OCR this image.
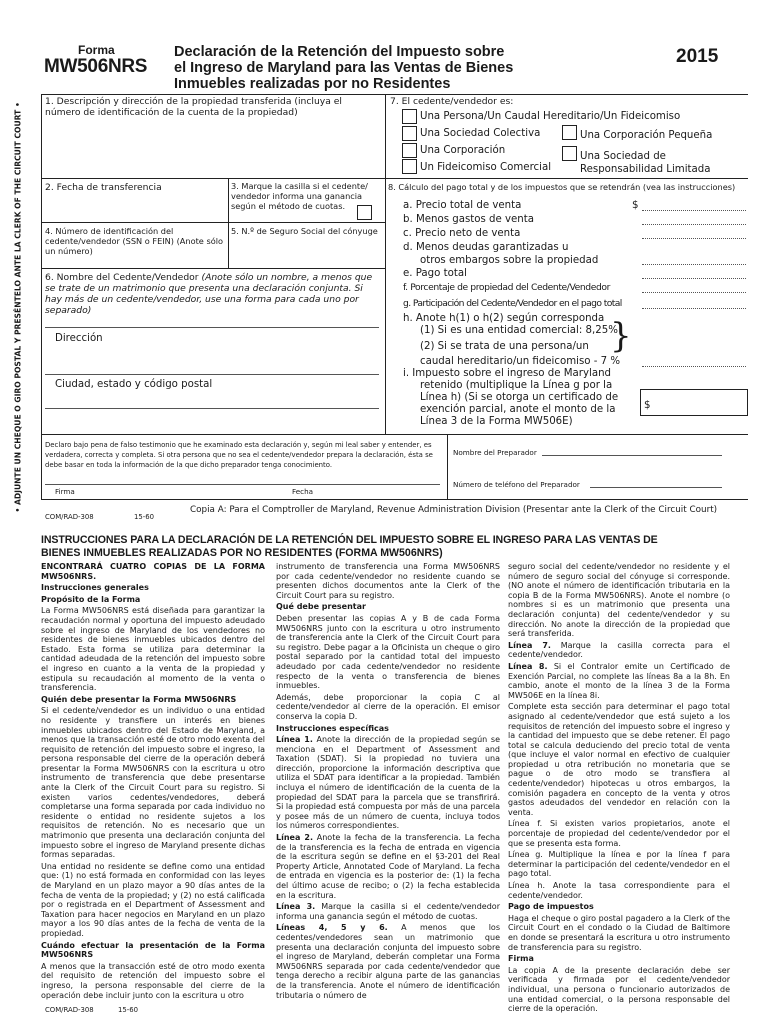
Forma
MW506NRS
Declaración de la Retención del Impuesto sobre
el Ingreso de Maryland para las Ventas de Bienes
Inmuebles realizadas por no Residentes
2015
• ADJUNTE UN CHEQUE O GIRO POSTAL Y PRESÉNTELO ANTE LA CLERK OF THE CIRCUIT COURT •
1. Descripción y dirección de la propiedad transferida (incluya el número de identificación de la cuenta de la propiedad)
2. Fecha de transferencia	3. Marque la casilla si el cedente/ vendedor informa una ganancia según el método de cuotas.
4. Número de identificación del cedente/vendedor (SSN o FEIN) (Anote sólo un número)
5. N.º de Seguro Social del cónyuge
6. Nombre del Cedente/Vendedor (Anote sólo un nombre, a menos que se trate de un matrimonio que presenta una declaración conjunta. Si hay más de un cedente/vendedor, use una forma para cada uno por separado)
Dirección
Ciudad, estado y código postal
7. El cedente/vendedor es:
Una Persona/Un Caudal Hereditario/Un Fideicomiso
Una Sociedad Colectiva	Una Corporación Pequeña
Una Corporación
Una Sociedad de
Responsabilidad Limitada
Un Fideicomiso Comercial
8. Cálculo del pago total y de los impuestos que se retendrán (vea las instrucciones)
a. Precio total de venta	$
b. Menos gastos de venta
c. Precio neto de venta
d. Menos deudas garantizadas u
otros embargos sobre la propiedad
e. Pago total
f. Porcentaje de propiedad del Cedente/Vendedor
g. Participación del Cedente/Vendedor en el pago total
h. Anote h(1) o h(2) según corresponda
(1) Si es una entidad comercial: 8,25%
(2) Si se trata de una persona/un
caudal hereditario/un fideicomiso - 7 %
}
i. Impuesto sobre el ingreso de Maryland
retenido (multiplique la Línea g por la
Línea h) (Si se otorga un certificado de
exención parcial, anote el monto de la
Línea 3 de la Forma MW506E)
$
Declaro bajo pena de falso testimonio que he examinado esta declaración y, según mi leal saber y entender, es verdadera, correcta y completa. Si otra persona que no sea el cedente/vendedor prepara la declaración, ésta se debe basar en toda la información de la que dicho preparador tenga conocimiento.
Nombre del Preparador
Número de teléfono del Preparador
Firma	Fecha
COM/RAD-308	15-60
Copia A: Para el Comptroller de Maryland, Revenue Administration Division (Presentar ante la Clerk of the Circuit Court)
INSTRUCCIONES PARA LA DECLARACIÓN DE LA RETENCIÓN DEL IMPUESTO SOBRE EL INGRESO PARA LAS VENTAS DE
BIENES INMUEBLES REALIZADAS POR NO RESIDENTES (FORMA MW506NRS)

ENCONTRARÁ CUATRO COPIAS DE LA FORMA MW506NRS.

Instrucciones generales

Propósito de la Forma

La Forma MW506NRS está diseñada para garantizar la recaudación normal y oportuna del impuesto adeudado sobre el ingreso de Maryland de los vendedores no residentes de bienes inmuebles ubicados dentro del Estado. Esta forma se utiliza para determinar la cantidad adeudada de la retención del impuesto sobre el ingreso en cuanto a la venta de la propiedad y estipula su recaudación al momento de la venta o transferencia.

Quién debe presentar la Forma MW506NRS

Si el cedente/vendedor es un individuo o una entidad no residente y transfiere un interés en bienes inmuebles ubicados dentro del Estado de Maryland, a menos que la transacción esté de otro modo exenta del requisito de retención del impuesto sobre el ingreso, la persona responsable del cierre de la operación deberá presentar la Forma MW506NRS con la escritura u otro instrumento de transferencia que debe presentarse ante la Clerk of the Circuit Court para su registro. Si existen varios cedentes/vendedores, deberá completarse una forma separada por cada individuo no residente o entidad no residente sujetos a los requisitos de retención. No es necesario que un matrimonio que presenta una declaración conjunta del impuesto sobre el ingreso de Maryland presente dichas formas separadas.

Una entidad no residente se define como una entidad que: (1) no está formada en conformidad con las leyes de Maryland en un plazo mayor a 90 días antes de la fecha de venta de la propiedad; y (2) no está calificada por o registrada en el Department of Assessment and Taxation para hacer negocios en Maryland en un plazo mayor a los 90 días antes de la fecha de venta de la propiedad.

Cuándo efectuar la presentación de la Forma MW506NRS

A menos que la transacción esté de otro modo exenta del requisito de retención del impuesto sobre el ingreso, la persona responsable del cierre de la operación debe incluir junto con la escritura u otro

instrumento de transferencia una Forma MW506NRS por cada cedente/vendedor no residente cuando se presenten dichos documentos ante la Clerk of the Circuit Court para su registro.

Qué debe presentar

Deben presentar las copias A y B de cada Forma MW506NRS junto con la escritura u otro instrumento de transferencia ante la Clerk of the Circuit Court para su registro. Debe pagar a la Oficinista un cheque o giro postal separado por la cantidad total del impuesto adeudado por cada cedente/vendedor no residente respecto de la venta o transferencia de bienes inmuebles.

Además, debe proporcionar la copia C al cedente/vendedor al cierre de la operación. El emisor conserva la copia D.

Instrucciones específicas

Línea 1. Anote la dirección de la propiedad según se menciona en el Department of Assessment and Taxation (SDAT). Si la propiedad no tuviera una dirección, proporcione la información descriptiva que utiliza el SDAT para identificar a la propiedad. También incluya el número de identificación de la cuenta de la propiedad del SDAT para la parcela que se transfirirá. Si la propiedad está compuesta por más de una parcela y posee más de un número de cuenta, incluya todos los números correspondientes.

Línea 2. Anote la fecha de la transferencia. La fecha de la transferencia es la fecha de entrada en vigencia de la escritura según se define en el §3-201 del Real Property Article, Annotated Code of Maryland. La fecha de entrada en vigencia es la posterior de: (1) la fecha del último acuse de recibo; o (2) la fecha establecida en la escritura.

Línea 3. Marque la casilla si el cedente/vendedor informa una ganancia según el método de cuotas.

Líneas 4, 5 y 6. A menos que los cedentes/vendedores sean un matrimonio que presenta una declaración conjunta del impuesto sobre el ingreso de Maryland, deberán completar una Forma MW506NRS separada por cada cedente/vendedor que tenga derecho a recibir alguna parte de las ganancias de la transferencia. Anote el número de identificación tributaria o número de

seguro social del cedente/vendedor no residente y el número de seguro social del cónyuge si corresponde. (NO anote el número de identificación tributaria en la copia B de la Forma MW506NRS). Anote el nombre (o nombres si es un matrimonio que presenta una declaración conjunta) del cedente/vendedor y su dirección. No anote la dirección de la propiedad que será transferida.

Línea 7. Marque la casilla correcta para el cedente/vendedor.

Línea 8. Si el Contralor emite un Certificado de Exención Parcial, no complete las líneas 8a a la 8h. En cambio, anote el monto de la línea 3 de la Forma MW506E en la línea 8i.

Complete esta sección para determinar el pago total asignado al cedente/vendedor que está sujeto a los requisitos de retención del impuesto sobre el ingreso y la cantidad del impuesto que se debe retener. El pago total se calcula deduciendo del precio total de venta (que incluye el valor normal en efectivo de cualquier propiedad u otra retribución no monetaria que se pague o de otro modo se transfiera al cedente/vendedor) hipotecas u otros embargos, la comisión pagadera en concepto de la venta y otros gastos adeudados del vendedor en relación con la venta.

Línea f. Si existen varios propietarios, anote el porcentaje de propiedad del cedente/vendedor por el que se presenta esta forma.

Línea g. Multiplique la línea e por la línea f para determinar la participación del cedente/vendedor en el pago total.

Línea h. Anote la tasa correspondiente para el cedente/vendedor.

Pago de impuestos

Haga el cheque o giro postal pagadero a la Clerk of the Circuit Court en el condado o la Ciudad de Baltimore en donde se presentará la escritura u otro instrumento de transferencia para su registro.

Firma

La copia A de la presente declaración debe ser verificada y firmada por el cedente/vendedor individual, una persona o funcionario autorizados de una entidad comercial, o la persona responsable del cierre de la operación.

COM/RAD-308	15-60
